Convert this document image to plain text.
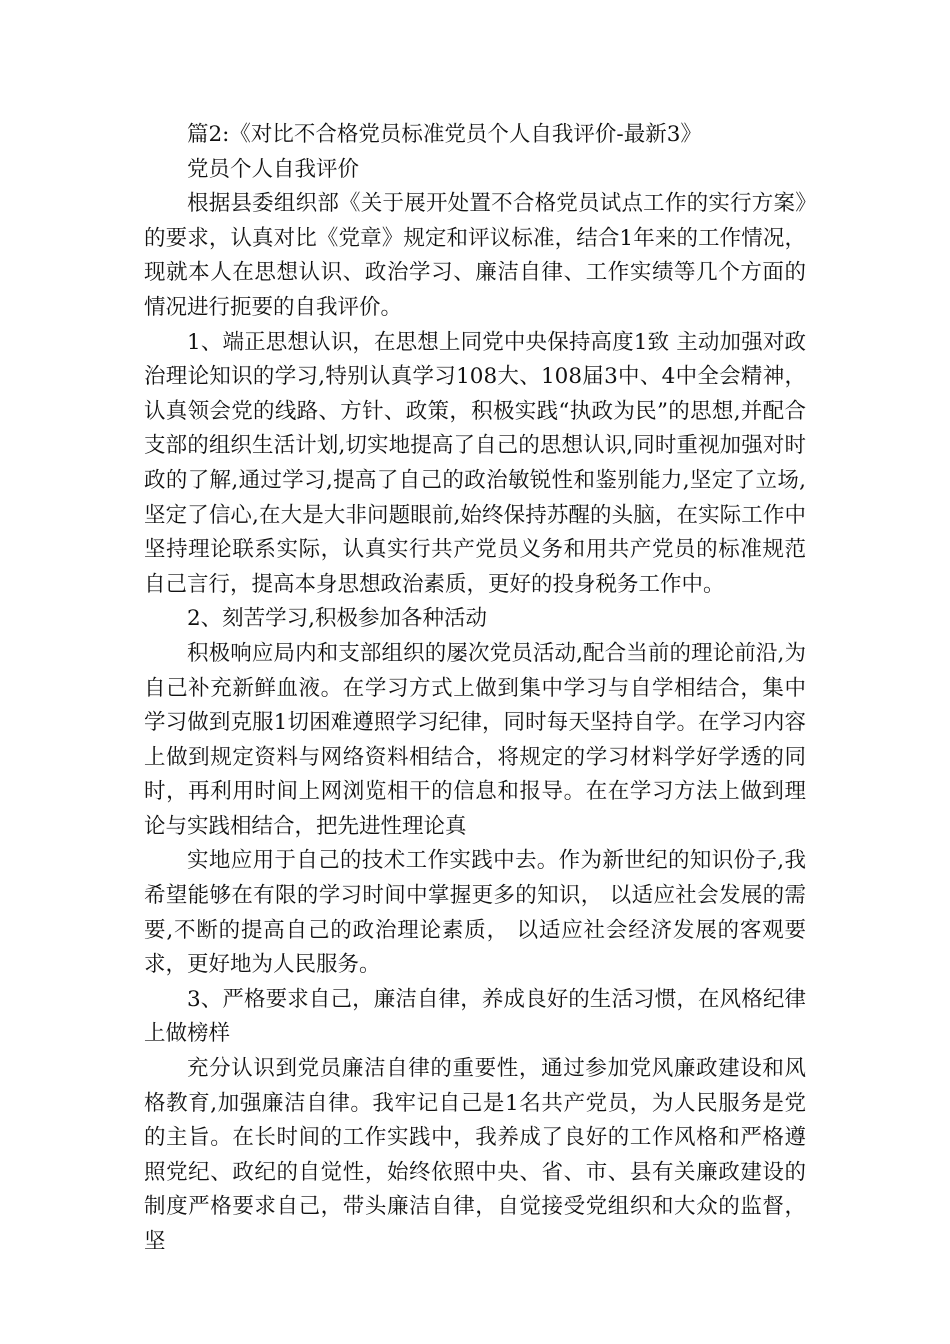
篇2:《对比不合格党员标准党员个人自我评价-最新3》

党员个人自我评价

根据县委组织部《关于展开处置不合格党员试点工作的实行方案》的要求，认真对比《党章》规定和评议标准，结合1年来的工作情况，现就本人在思想认识、政治学习、廉洁自律、工作实绩等几个方面的情况进行扼要的自我评价。

1、端正思想认识，在思想上同党中央保持高度1致 主动加强对政治理论知识的学习,特别认真学习108大、108届3中、4中全会精神，认真领会党的线路、方针、政策，积极实践“执政为民”的思想,并配合支部的组织生活计划,切实地提高了自己的思想认识,同时重视加强对时政的了解,通过学习,提高了自己的政治敏锐性和鉴别能力,坚定了立场,坚定了信心,在大是大非问题眼前,始终保持苏醒的头脑，在实际工作中坚持理论联系实际，认真实行共产党员义务和用共产党员的标准规范自己言行，提高本身思想政治素质，更好的投身税务工作中。

2、刻苦学习,积极参加各种活动

积极响应局内和支部组织的屡次党员活动,配合当前的理论前沿,为自己补充新鲜血液。在学习方式上做到集中学习与自学相结合，集中学习做到克服1切困难遵照学习纪律，同时每天坚持自学。在学习内容上做到规定资料与网络资料相结合，将规定的学习材料学好学透的同时，再利用时间上网浏览相干的信息和报导。在在学习方法上做到理论与实践相结合，把先进性理论真

实地应用于自己的技术工作实践中去。作为新世纪的知识份子,我希望能够在有限的学习时间中掌握更多的知识， 以适应社会发展的需要,不断的提高自己的政治理论素质， 以适应社会经济发展的客观要求，更好地为人民服务。

3、严格要求自己，廉洁自律，养成良好的生活习惯，在风格纪律上做榜样

充分认识到党员廉洁自律的重要性，通过参加党风廉政建设和风格教育,加强廉洁自律。我牢记自己是1名共产党员，为人民服务是党的主旨。在长时间的工作实践中，我养成了良好的工作风格和严格遵照党纪、政纪的自觉性，始终依照中央、省、市、县有关廉政建设的制度严格要求自己，带头廉洁自律，自觉接受党组织和大众的监督，坚
